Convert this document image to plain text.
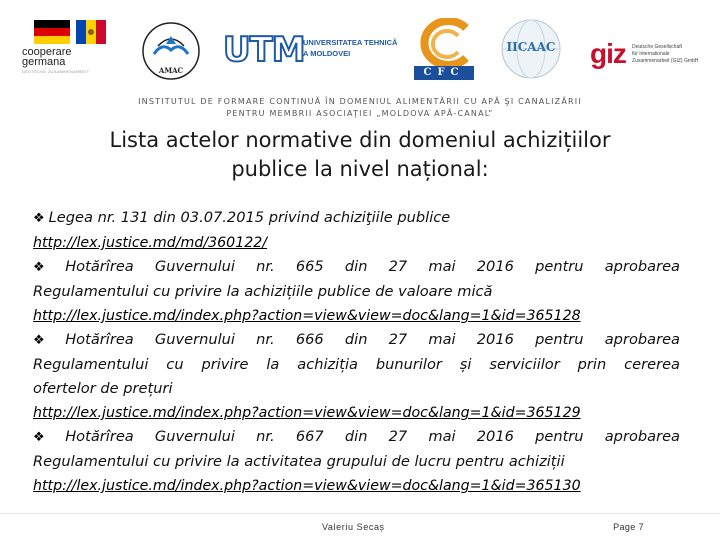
cooperare
germana
DEUTSCHE ZUSAMMENARBEIT	AMAC
UTM
UNIVERSITATEA TEHNICĂ
A MOLDOVEI
CFC
IICAAC	giz Deutsche Gesellschaft
für Internationale
Zusammenarbeit (GIZ) GmbH
INSTITUTUL DE FORMARE CONTINUĂ ÎN DOMENIUL ALIMENTĂRII CU APĂ ŞI CANALIZĂRII
PENTRU MEMBRII ASOCIAŢIEI „MOLDOVA APĂ-CANAL”
Lista actelor normative din domeniul achizițiilor
publice la nivel național:
❖ Legea nr. 131 din 03.07.2015 privind achiziţiile publice
http://lex.justice.md/md/360122/
❖ Hotărîrea Guvernului nr. 665 din 27 mai 2016 pentru aprobarea
Regulamentului cu privire la achizițiile publice de valoare mică
http://lex.justice.md/index.php?action=view&view=doc&lang=1&id=365128
❖ Hotărîrea Guvernului nr. 666 din 27 mai 2016 pentru aprobarea
Regulamentului cu privire la achiziția bunurilor și serviciilor prin cererea
ofertelor de prețuri
http://lex.justice.md/index.php?action=view&view=doc&lang=1&id=365129
❖ Hotărîrea Guvernului nr. 667 din 27 mai 2016 pentru aprobarea
Regulamentului cu privire la activitatea grupului de lucru pentru achiziții
http://lex.justice.md/index.php?action=view&view=doc&lang=1&id=365130
Valeriu Secaș	Page 7
